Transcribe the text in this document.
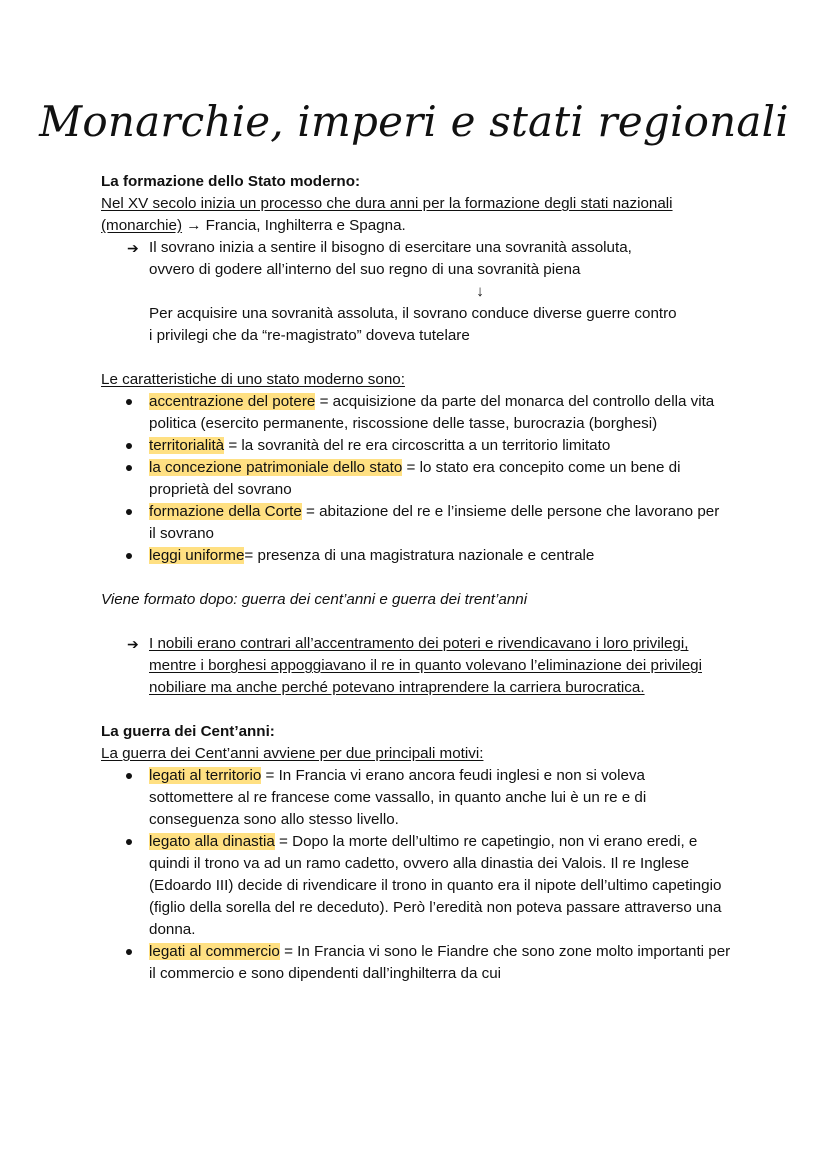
Monarchie, imperi e stati regionali

La formazione dello Stato moderno:

Nel XV secolo inizia un processo che dura anni per la formazione degli stati nazionali (monarchie) → Francia, Inghilterra e Spagna.

➔ Il sovrano inizia a sentire il bisogno di esercitare una sovranità assoluta, ovvero di godere all’interno del suo regno di una sovranità piena

↓

Per acquisire una sovranità assoluta, il sovrano conduce diverse guerre contro i privilegi che da “re-magistrato” doveva tutelare

Le caratteristiche di uno stato moderno sono:

accentrazione del potere = acquisizione da parte del monarca del controllo della vita politica (esercito permanente, riscossione delle tasse, burocrazia (borghesi)
territorialità = la sovranità del re era circoscritta a un territorio limitato
la concezione patrimoniale dello stato = lo stato era concepito come un bene di proprietà del sovrano
formazione della Corte = abitazione del re e l’insieme delle persone che lavorano per il sovrano
leggi uniforme= presenza di una magistratura nazionale e centrale

Viene formato dopo: guerra dei cent’anni e guerra dei trent’anni

➔ I nobili erano contrari all’accentramento dei poteri e rivendicavano i loro privilegi, mentre i borghesi appoggiavano il re in quanto volevano l’eliminazione dei privilegi nobiliare ma anche perché potevano intraprendere la carriera burocratica.

La guerra dei Cent’anni:

La guerra dei Cent’anni avviene per due principali motivi:

legati al territorio = In Francia vi erano ancora feudi inglesi e non si voleva sottomettere al re francese come vassallo, in quanto anche lui è un re e di conseguenza sono allo stesso livello.
legato alla dinastia = Dopo la morte dell’ultimo re capetingio, non vi erano eredi, e quindi il trono va ad un ramo cadetto, ovvero alla dinastia dei Valois. Il re Inglese (Edoardo III) decide di rivendicare il trono in quanto era il nipote dell’ultimo capetingio (figlio della sorella del re deceduto). Però l’eredità non poteva passare attraverso una donna.
legati al commercio = In Francia vi sono le Fiandre che sono zone molto importanti per il commercio e sono dipendenti dall’inghilterra da cui
